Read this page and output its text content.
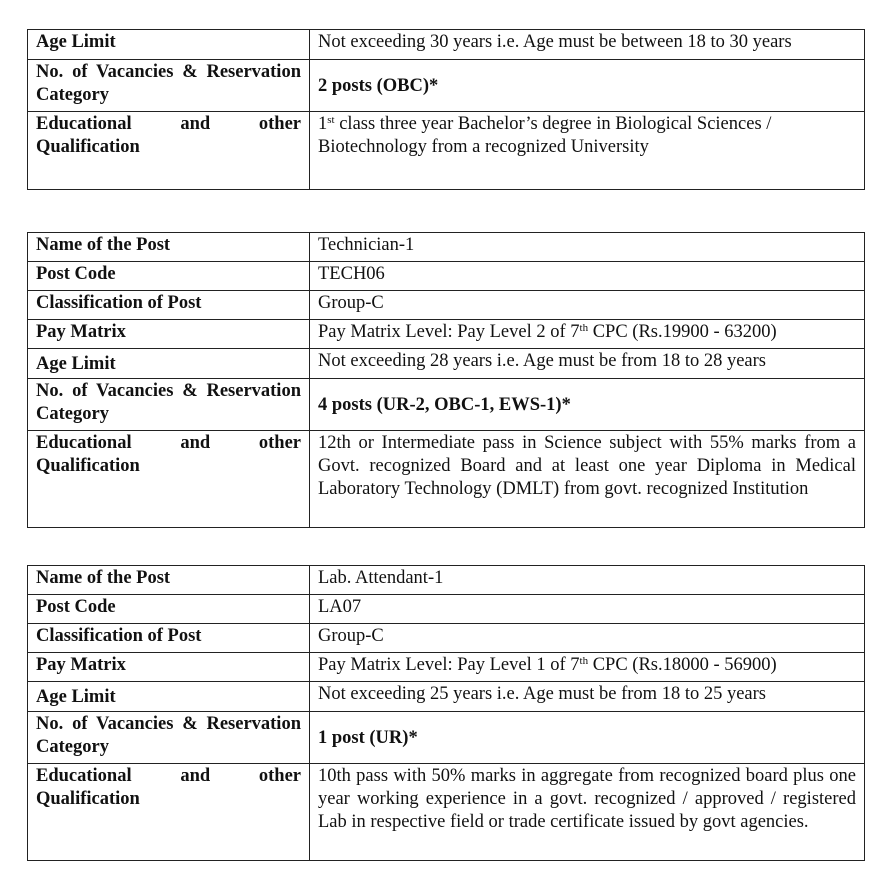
Age Limit	Not exceeding 30 years i.e. Age must be between 18 to 30 years
No. of Vacancies & Reservation Category	2 posts (OBC)*
Educational and other Qualification	1st class three year Bachelor’s degree in Biological Sciences / Biotechnology from a recognized University
Name of the Post	Technician-1
Post Code	TECH06
Classification of Post	Group-C
Pay Matrix	Pay Matrix Level: Pay Level 2 of 7th CPC (Rs.19900 - 63200)
Age Limit	Not exceeding 28 years i.e. Age must be from 18 to 28 years
No. of Vacancies & Reservation Category	4 posts (UR-2, OBC-1, EWS-1)*
Educational and other Qualification	12th or Intermediate pass in Science subject with 55% marks from a Govt. recognized Board and at least one year Diploma in Medical Laboratory Technology (DMLT) from govt. recognized Institution
Name of the Post	Lab. Attendant-1
Post Code	LA07
Classification of Post	Group-C
Pay Matrix	Pay Matrix Level: Pay Level 1 of 7th CPC (Rs.18000 - 56900)
Age Limit	Not exceeding 25 years i.e. Age must be from 18 to 25 years
No. of Vacancies & Reservation Category	1 post (UR)*
Educational and other Qualification	10th pass with 50% marks in aggregate from recognized board plus one year working experience in a govt. recognized / approved / registered Lab in respective field or trade certificate issued by govt agencies.
